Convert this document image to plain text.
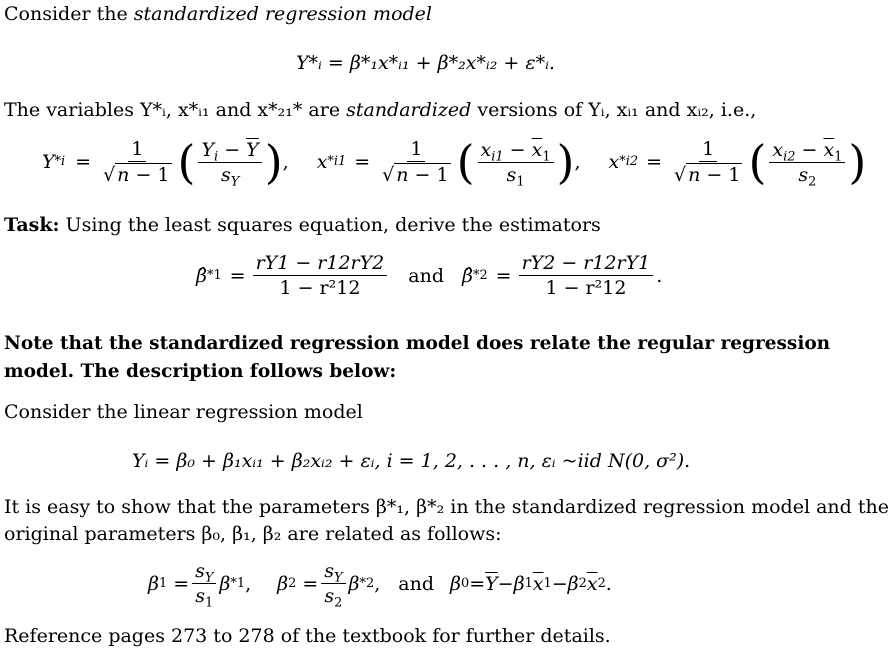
Consider the standardized regression model
Y*ᵢ = β*₁x*ᵢ₁ + β*₂x*ᵢ₂ + ε*ᵢ.
The variables Y*ᵢ, x*ᵢ₁ and x*₂₁* are standardized versions of Yᵢ, xᵢ₁ and xᵢ₂, i.e.,
$Y * i = \frac{1}{√ n - 1}$ ( $\frac{Y_i - \overline{Y}}{s_Y}$ ) , $x * i1 = \frac{1}{√ n - 1}$ ( $\frac{x_{i1} - \overline{x}_1}{s_1}$ ) , $x * i2 = \frac{1}{√ n - 1}$ ( $\frac{x_{i2} - \overline{x}_1}{s_2}$ )
Task: Using the least squares equation, derive the estimators
β̂ * $1 = \frac{rY1 - r12rY2}{\text{1 − r²12}}$ and β̂ * $2 = \frac{rY2 - r12rY1}{\text{1 − r²12}}$ .
Note that the standardized regression model does relate the regular regression
model. The description follows below:
Consider the linear regression model
Yᵢ = β₀ + β₁xᵢ₁ + β₂xᵢ₂ + εᵢ, i = 1, 2, . . . , n, εᵢ ~iid N(0, σ²).
It is easy to show that the parameters β*₁, β*₂ in the standardized regression model and the
original parameters β₀, β₁, β₂ are related as follows:
β $1 = \frac{s_Y}{s_1}$ β * 1 , β $2 = \frac{s_Y}{s_2}$ β * 2 , and β $0 = \overline{Y} - \beta$ 1 $\overline{x}$ 1 − β 2 $\overline{x}$ 2 .
Reference pages 273 to 278 of the textbook for further details.
